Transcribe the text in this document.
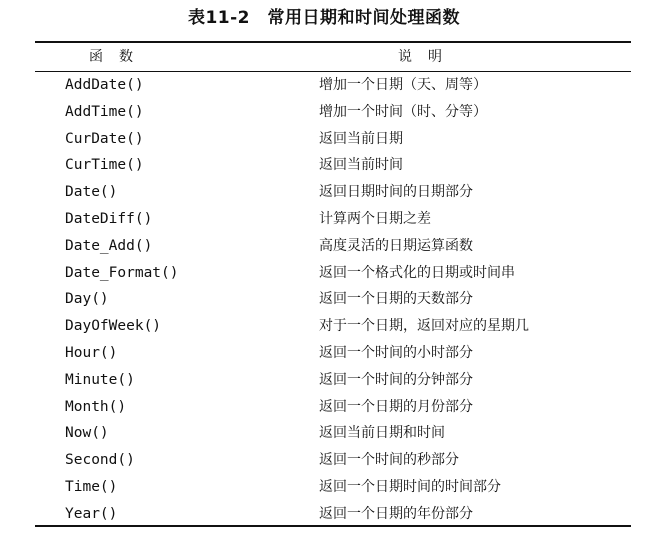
表11-2　常用日期和时间处理函数
函数	说明
AddDate()	增加一个日期（天、周等）
AddTime()	增加一个时间（时、分等）
CurDate()	返回当前日期
CurTime()	返回当前时间
Date()	返回日期时间的日期部分
DateDiff()	计算两个日期之差
Date_Add()	高度灵活的日期运算函数
Date_Format()	返回一个格式化的日期或时间串
Day()	返回一个日期的天数部分
DayOfWeek()	对于一个日期，返回对应的星期几
Hour()	返回一个时间的小时部分
Minute()	返回一个时间的分钟部分
Month()	返回一个日期的月份部分
Now()	返回当前日期和时间
Second()	返回一个时间的秒部分
Time()	返回一个日期时间的时间部分
Year()	返回一个日期的年份部分
